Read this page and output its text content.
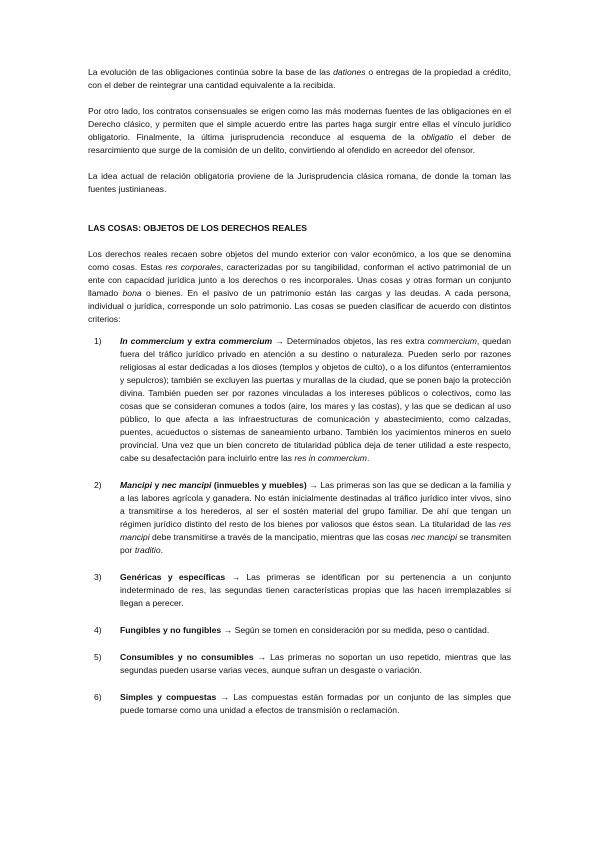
La evolución de las obligaciones continúa sobre la base de las dationes o entregas de la propiedad a crédito, con el deber de reintegrar una cantidad equivalente a la recibida.

Por otro lado, los contratos consensuales se erigen como las más modernas fuentes de las obligaciones en el Derecho clásico, y permiten que el simple acuerdo entre las partes haga surgir entre ellas el vínculo jurídico obligatorio. Finalmente, la última jurisprudencia reconduce al esquema de la obligatio el deber de resarcimiento que surge de la comisión de un delito, convirtiendo al ofendido en acreedor del ofensor.

La idea actual de relación obligatoria proviene de la Jurisprudencia clásica romana, de donde la toman las fuentes justinianeas.

LAS COSAS: OBJETOS DE LOS DERECHOS REALES

Los derechos reales recaen sobre objetos del mundo exterior con valor económico, a los que se denomina como cosas. Estas res corporales, caracterizadas por su tangibilidad, conforman el activo patrimonial de un ente con capacidad jurídica junto a los derechos o res incorporales. Unas cosas y otras forman un conjunto llamado bona o bienes. En el pasivo de un patrimonio están las cargas y las deudas. A cada persona, individual o jurídica, corresponde un solo patrimonio. Las cosas se pueden clasificar de acuerdo con distintos criterios:

1) In commercium y extra commercium → Determinados objetos, las res extra commercium, quedan fuera del tráfico jurídico privado en atención a su destino o naturaleza. Pueden serlo por razones religiosas al estar dedicadas a los dioses (templos y objetos de culto), o a los difuntos (enterramientos y sepulcros); también se excluyen las puertas y murallas de la ciudad, que se ponen bajo la protección divina. También pueden ser por razones vinculadas a los intereses públicos o colectivos, como las cosas que se consideran comunes a todos (aire, los mares y las costas), y las que se dedican al uso público, lo que afecta a las infraestructuras de comunicación y abastecimiento, como calzadas, puentes, acueductos o sistemas de saneamiento urbano. También los yacimientos mineros en suelo provincial. Una vez que un bien concreto de titularidad pública deja de tener utilidad a este respecto, cabe su desafectación para incluirlo entre las res in commercium.

2) Mancipi y nec mancipi (inmuebles y muebles) → Las primeras son las que se dedican a la familia y a las labores agrícola y ganadera. No están inicialmente destinadas al tráfico jurídico inter vivos, sino a transmitirse a los herederos, al ser el sostén material del grupo familiar. De ahí que tengan un régimen jurídico distinto del resto de los bienes por valiosos que éstos sean. La titularidad de las res mancipi debe transmitirse a través de la mancipatio, mientras que las cosas nec mancipi se transmiten por traditio.

3) Genéricas y específicas → Las primeras se identifican por su pertenencia a un conjunto indeterminado de res, las segundas tienen características propias que las hacen irremplazables si llegan a perecer.

4) Fungibles y no fungibles → Según se tomen en consideración por su medida, peso o cantidad.

5) Consumibles y no consumibles → Las primeras no soportan un uso repetido, mientras que las segundas pueden usarse varias veces, aunque sufran un desgaste o variación.

6) Simples y compuestas → Las compuestas están formadas por un conjunto de las simples que puede tomarse como una unidad a efectos de transmisión o reclamación.
